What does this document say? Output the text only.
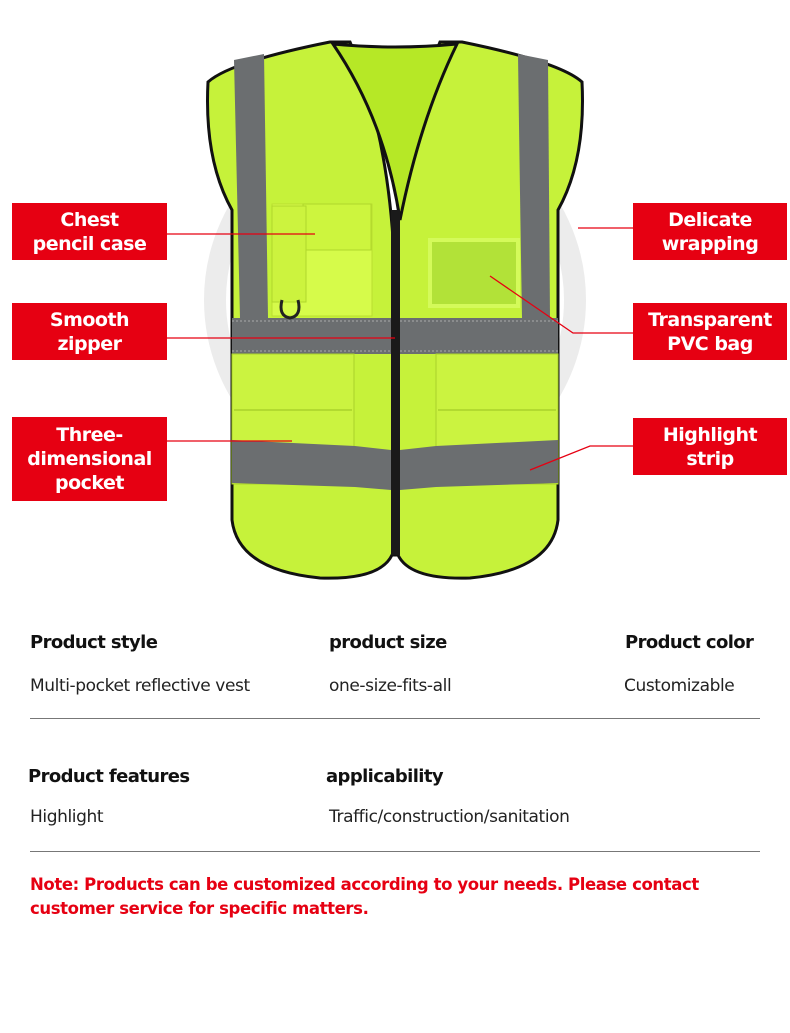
Chest
pencil case
Smooth
zipper
Three-
dimensional
pocket
Delicate
wrapping
Transparent
PVC bag
Highlight
strip
Product style
Multi-pocket reflective vest
product size
one-size-fits-all
Product color
Customizable
Product features
Highlight
applicability
Traffic/construction/sanitation
Note: Products can be customized according to your needs. Please contact customer service for specific matters.
